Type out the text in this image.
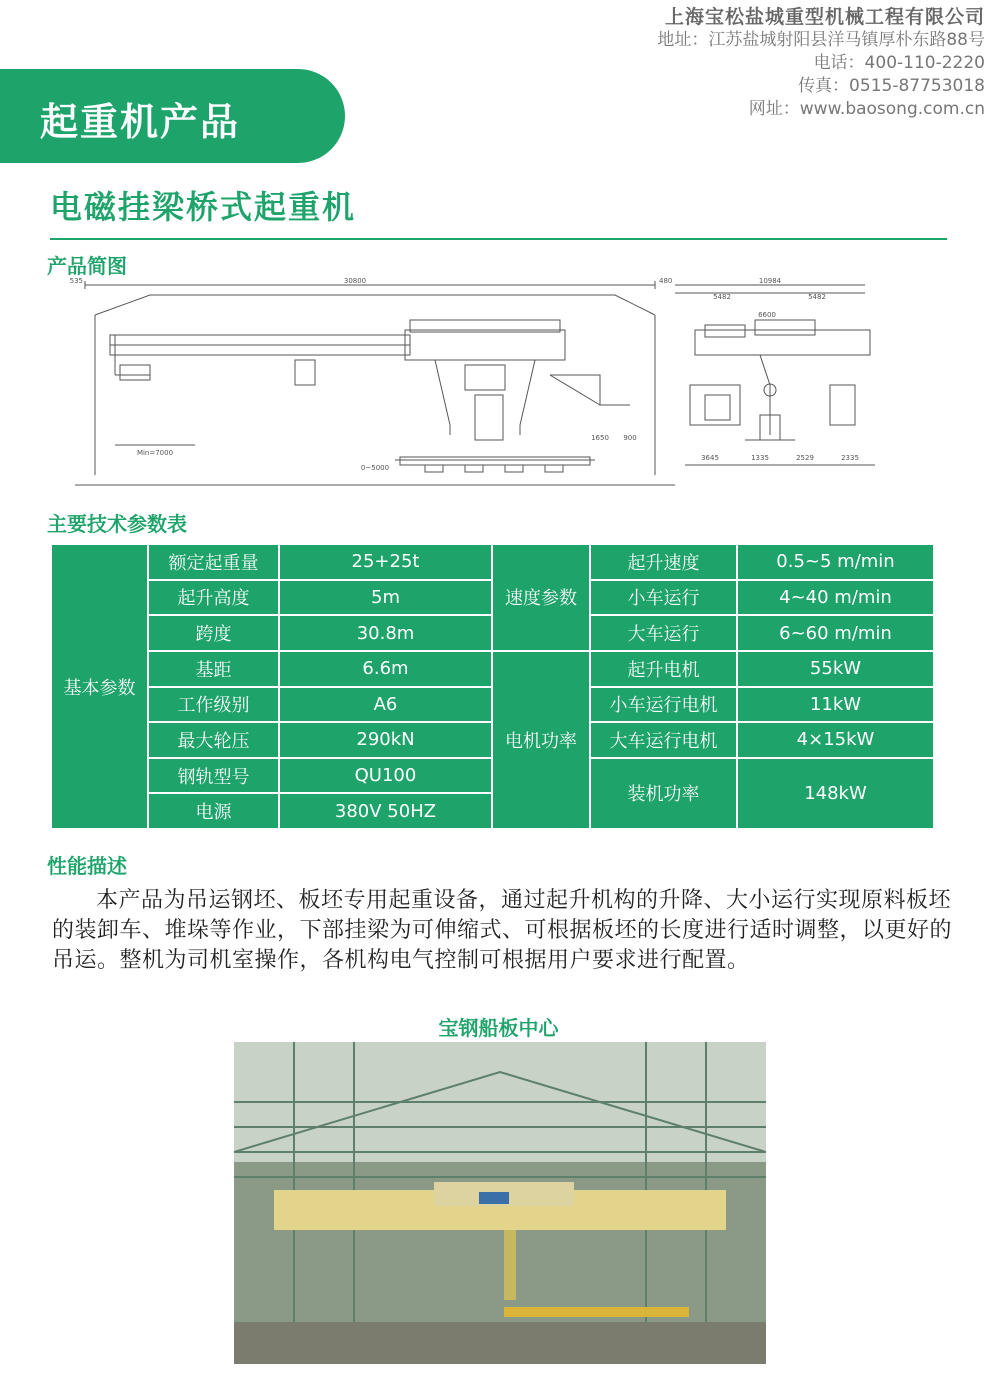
上海宝松盐城重型机械工程有限公司
地址：江苏盐城射阳县洋马镇厚朴东路88号
电话：400-110-2220
传真：0515-87753018
网址：www.baosong.com.cn
起重机产品
电磁挂梁桥式起重机
产品简图
30800
535	480	10984
5482	5482
6600
1650 900
Min=7000
0~5000
3645	1335	2529	2335
主要技术参数表
基本参数	额定起重量	25+25t	速度参数	起升速度	0.5~5 m/min
	起升高度	5m		小车运行	4~40 m/min
	跨度	30.8m		大车运行	6~60 m/min
	基距	6.6m	电机功率	起升电机	55kW
	工作级别	A6		小车运行电机	11kW
	最大轮压	290kN		大车运行电机	4×15kW
	钢轨型号	QU100		装机功率	148kW
	电源	380V 50HZ			
性能描述
本产品为吊运钢坯、板坯专用起重设备，通过起升机构的升降、大小运行实现原料板坯的装卸车、堆垛等作业，下部挂梁为可伸缩式、可根据板坯的长度进行适时调整，以更好的吊运。整机为司机室操作，各机构电气控制可根据用户要求进行配置。
宝钢船板中心
